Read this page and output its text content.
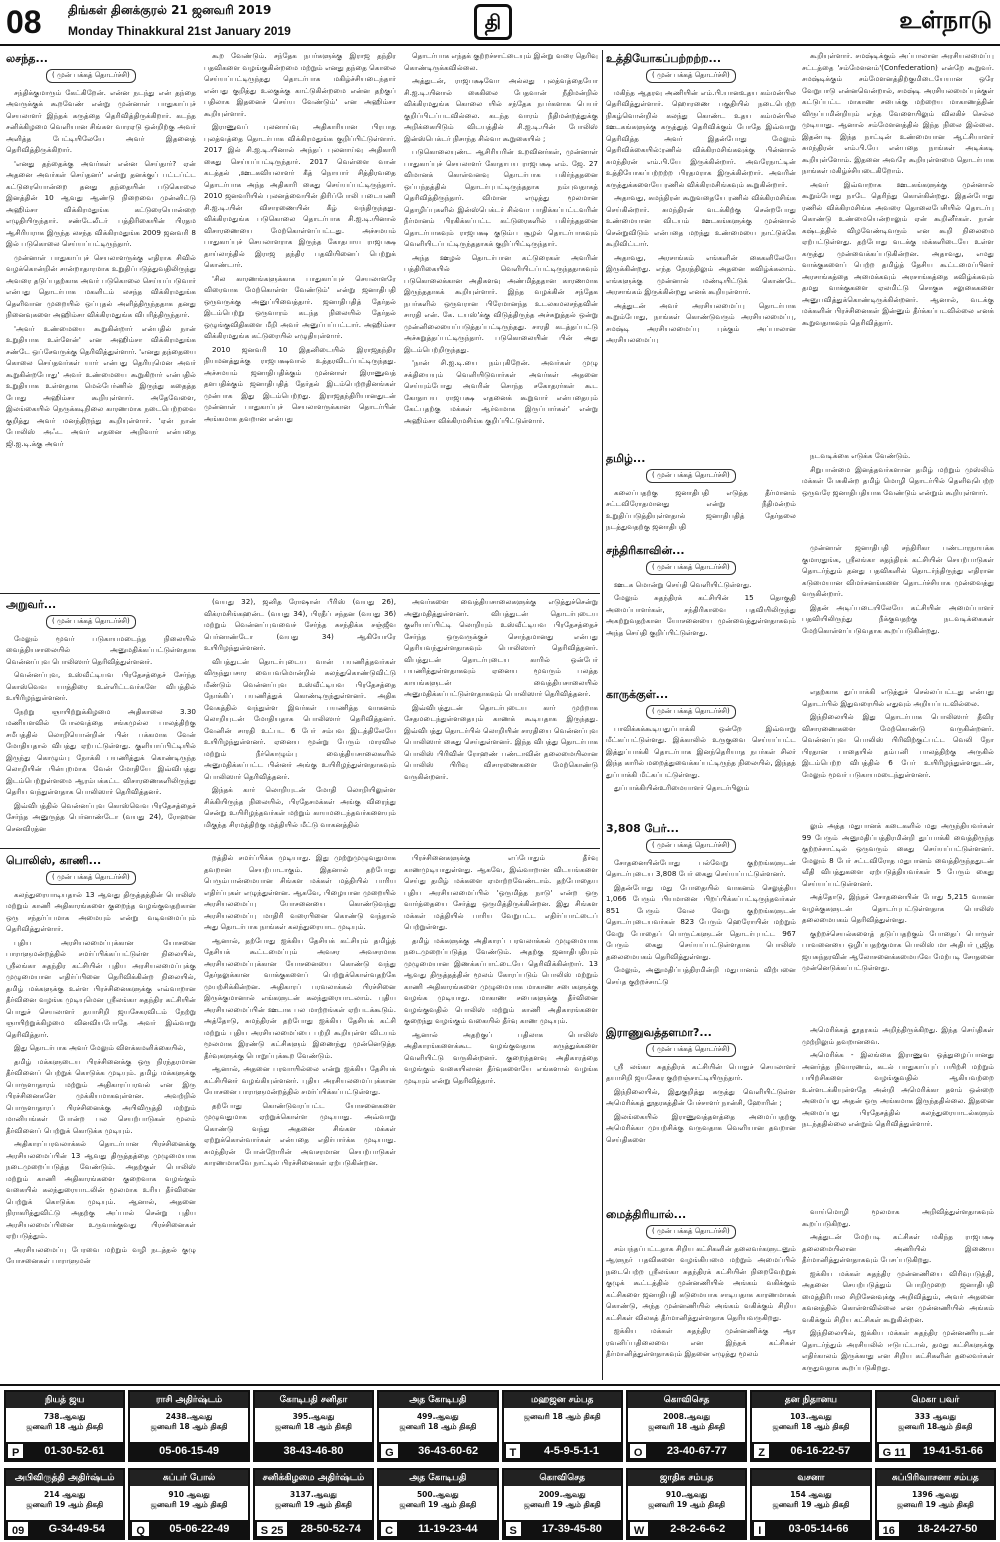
08 திங்கள் தினக்குரல் 21 ஜனவரி 2019
Monday Thinakkural 21st January 2019	தி	உள்நாடு
லசந்த...
( முன் பக்கத் தொடர்ச்சி)

சந்திக்குமாரும் கேட்கிறேன். என்ன நடந்து என் தந்தை அவருக்குக் கூறவேண் என்று முன்னாள் பாதுகாப்புச் செயலாளர் இந்தக் கருத்தை தெரிவித்திருக்கிறார். கடந்த சனிக்கிழமை வெளியான சிங்கள வாரஏடு ஒன்றிற்கு அவர் அளித்த பேட்டியிலேயே அவர் இதனைத் தெரிவித்திருக்கிறார்.

'எனது தந்தைக்கு அவர்கள் என்ன செய்தார்? ஏன் அதனை அவர்கள் செய்தனர்' என்று தனக்குப் பட்டப்ட்ட கட்டுரையொன்றை தனது தந்தையின் படுகொலை இனத்தின் 10 ஆவது ஆண்டு நிறைவை முன்னிட்டு அஹிம்சா விக்கிரமதுங்க கட்டுரையொன்றை எழுதியிருந்தார். சண்டேலீடர் பத்திரிகையின் பிரதம ஆசிரியராக இருந்த லசந்த விக்கிரமதுங்க 2009 ஜனவரி 8 இல் படுகொலை செய்யப்பட்டிருந்தார்.

முன்னாள் பாதுகாப்புச் செயலாளருக்கு எதிராக சிவில் வழக்கொன்றின் சான்றாதாரமாக உறுதிப்படுத்துவதிலிருந்து அவரை தடுப்பதற்காக அவர் படுகொலை செய்யப்படுவார் என்பது தொடர்பாக மகளிடம் லசந்த விக்கிரமதுங்க தெளிவான முறையில் ஒப்புதல் அளித்திருந்ததாக தனது நினைவுகளை அஹிம்சா விக்கிரமதுங்க விபரித்திருந்தார்.

'அவர் உண்மையை கூறுகின்றார் என்பதில் நான் உறுதியாக உள்ளேன்' என அஹிம்சா விக்கிரமதுங்க சண்டே ஒப்சேவருக்கு தெரிவித்துள்ளார். 'எனது தந்தையை கொலை செய்தவர்கள் யார் என்பது தெரியுமென அவர் கூறுகின்றபோது' அவர் உண்மையை கூறுகிறார் என்பதில் உறுதியாக உள்ளதாக மெல்பேர்ணில் இருந்து கதைத்த போது அஹிம்சா கூறியுள்ளார். அதேவேளை, இலங்கையில் நெருக்கடிநிலை காரணமாக நடைபெற்றவை குறித்து அவர் மனந்திறந்து கூறியுள்ளார். 'ஏன் நான் போலிஸ் அஃட அவர் எதனை அறிவார் என்பதை ஜி.ஐ.டி.க்கு அவர்

கூற வேண்டும். சந்தேக நபர்களுக்கு இராஜ தந்திர பதவிகளை வழங்குகின்றமை மற்றும் எனது தந்தை கொலை செய்யப்பட்டிருந்தது தொடர்பாக மகிழ்ச்சியடைந்தார் என்பது குறித்து உலகுக்கு காட்டுகின்றமை என்ன தற்குப் பதிலாக இதனைச் செய்ய வேண்டும்' என அஹிம்சா கூறியுள்ளார்.

இராணுவப் புலனாய்வு அதிகாரியான பிரபாத புலத்வத்தை தொடர்பாக விக்கிரமதுங்க குறிப்பிட்டுள்ளார். 2017 இல் சி.ஐ.டி.யினால் அந்தப் புலனாய்வு அதிகாரி கைது செய்யப்பட்டிருந்தார். 2017 வெள்ளை வான் கடத்தல் ,ஊடகவியலாளர் கீத் நொயார் சித்திரவதை தொடர்பாக அந்த அதிகாரி கைது செய்யப்பட்டிருந்தார். 2010 ஜனவரியில் புலனத்வையின் திரிப்போலி படையணி சி.ஐ.டி.யின் விசாரணையின் கீழ் வந்திருந்தது. விக்கிரமதுங்க படுகொலை தொடர்பாக சி.ஐ.டி.யினால் விசாரணையை மேற்கொள்ளப்பட்டது. அச்சமயம் பாதுகாப்புச் செயலாளராக இருந்த கோதபாய ராஜபக்ஷ தாய்லாந்தில் இராஜ தந்திர பதவியினைப் பெற்றுக் கொண்டார்.

'சில காரணங்களுக்காக பாதுகாப்புச் செயலாளரே விரைவாக மேற்கொள்ள வேண்டும்' என்று ஜனாதிபதி ஒருவருக்கு அனுப்பிவைத்தார். ஜனாதிபதித் தேர்தல் இடம்பெற்று ஒருவாரம் கடந்த நிலையில் தேர்தல் ஒழுங்குவிதிகளை மீறி அவர் அனுப்பப்பட்டார். அஹிம்சா விக்கிரமதுங்க கட்டுரையில் எழுதியுள்ளார்.

2010 ஜனவரி 10 இதனிடையில் இராஜதந்திர நியமனத்துக்கு ராஜபக்ஷவால் உத்தரவிடப்பட்டிருந்தது. அச்சமயம் ஜனாதிபதிக்கும் முன்னாள் இராணுவத் தளபதிக்கும் ஜனாதிபதித் தேர்தல் இடம்பெற்றதினங்கள் முன்பாக இது இடம்பெற்றது. இராஜதந்திரியானதுடன் முன்னாள் பாதுகாப்புச் செயலாளருக்கான தொடர்பின் அங்கமாக தவறான என்பது

தொடர்பாக எந்தக் குற்றச்சாட்டையும் இன்று வரை தெரிவு கொண்டிருக்கவில்லை.

அத்துடன், ராஜபக்ஷவோ அல்லது புலத்வத்தையோ சி.ஐ.டி.யினால் கைகிலை பேதவான் நீதிமன்றில் விக்கிரமதுங்க கொலை யில் சந்தேக நபர்களாக பெயர் குறிப்பிடப்படவில்லை. கடந்த வாரம் நீதிமன்றத்துக்கு அறிக்கையிடும் விடயத்தில் சி.ஐ.டி.யின் போலிஸ் இன்ஸ்பெக்டர் நிசாந்த சில்வா கூறுகையில் ;

படுகொலையுண்ட ஆசிரியரின் உறவினர்கள், முன்னாள் பாதுகாப்புச் செயலாளர் கோதாபய ராஜபக்ஷ எம். ஜே. 27 விமானக் கொள்வனவு தொடர்பாக பகிர்ந்ததனை ஒப்பந்தத்தில் தொடர்புபட்டிருந்ததாக நம்புவதாகத் தெரிவித்திருந்தார். விமான எழுத்து மூலமான தொழிப்புகளில் இன்ஸ்பெக்டர் சில்வா பாதிக்கப்பட்டவரின் நீர்மானம் பிரகிக்கப்பட்ட கட்டுரைகளில் பகிர்ந்ததனை தொடர்பாகவும் ராஜபக்ஷ குடும்ப சூழல் தொடர்பாகவும் வெளியிடப்பட்டிருந்ததாகக் குறிப்பிட்டிருந்தார்.

அந்த ஊழல் தொடர்பான கட்டுரைகள் அவரின் பத்திரிகையில் வெளியிடப்பட்டிருந்ததாகவும் படுகொலைக்கான அதிகளவு அண்மித்ததான காரணமாக இருந்ததாகக் கூறியுள்ளார். இந்த வழக்கின் சந்தேக நபர்களில் ஒருவரான பிரேமானந்த உடலகமலசந்தவின் சாரதி என். கே. டயஸ்'க்கு விடுத்திருந்த அச்சுறுத்தல் ஒன்று முன்னிலையைப்படுத்தப்பட்டிருந்தது. சாரதி கடத்தப்பட்டு அச்சுறுத்தப்பட்டிருந்தார். படுகொலையின் பின் அது இடம்பெற்றிருந்தது.

'நான் சி.ஐ.டி.யை நம்புகிறேன். அவர்கள் முழு சக்தியையும் வெளியிடுவார்கள் அவர்கள் அதனை செய்யும்போது அவரின் சொந்த சகோதரர்கள் கூட கோதாபய ராஜபக்ஷ எதனைக் கூறுவார் என்பதையும் கேட்பதற்கு மக்கள் ஆர்வமாக இருப்பார்கள்' என்று அஹிம்சா விக்கிரமசிங்க குறிப்பிட்டுள்ளார்.

அறுவர்...
( முன் பக்கத் தொடர்ச்சி)

மேலும் மூவர் படுகாயமடைந்த நிலையில் வைத்தியசாலையில் அனுமதிக்கப்பட்டுள்ளதாக வென்னப்புவ பொலிஸார் தெரிவித்துள்ளனர்.

வென்னப்புவ, உஸ்வீட்டியவ பிரதேசத்தைச் சேர்ந்த கொஸ்வெவ யாத்திரை உள்ளிட்டவர்களே விபத்தில் உயிரிழந்துள்ளனர்.

நேற்று ஞாயிற்றுக்கிழமை அதிகாலை 3.30 மணியளவில் போலவத்தை சங்கமுல்ல பாலத்திற்கு சமீபத்தில் லொறியொன்றின் பின் பக்கமாக வேன் மோதியதால் விபத்து ஏற்பட்டுள்ளது. குளியாப்பிட்டியில் இருந்து கொழும்பு நோக்கி பயணித்துக் கொண்டிருந்த லொறியின் பின்புறமாக வேன் மோதியே இவ்விபத்து இடம்பெற்றுள்ளமை ஆரம்பக்கட்ட விசாரணைகளிலிருந்து தெரிய வந்துள்ளதாக பொலிஸார் தெரிவித்தனர்.

இவ்விபத்தில் வென்னப்புவ கொஸ்வெவ பிரதேசத்தைச் சேர்ந்த அனுருத்த பெர்னாண்டோ (வயது 24), ரோஹன செனவிரத்ன

(வயது 32), ஜனித ரோஷான் பீரிஸ் (வயது 26), விக்ரமசிங்கஹன்ட (வயது 34), பிரதீப் சந்தன (வயது 36) மற்றும் வென்னப்புவவைச் சேர்ந்த சுசந்திக்க சஞ்ஜீவ பெர்னாண்டோ (வயது 34) ஆகியோரே உயிரிழந்துள்ளனர்.

விபத்துடன் தொடர்புடைய வான் பயணித்தவர்கள் விருந்துபசார வைபவமொன்றில் கலந்துகொண்டுவிட்டு மீண்டும் வென்னப்புவ உஸ்வீட்டியவ பிரதேசத்தை நோக்கிப் பயணித்துக் கொண்டிருந்துள்ளனர். அதிக வேகத்தில் வந்துள்ள இவர்கள் பயணித்த வாகனம் லொறியுடன் மோதியதாக பொலிஸார் தெரிவித்தனர். வேனின் சாரதி உட்பட 6 பேர் சம்பவ இடத்திலேயே உயிரிழந்துள்ளனர். ஏனைய மூன்று பேரும் மாரவில மற்றும் நீர்கொழும்பு வைத்தியசாலைகளில் அனுமதிக்கப்பட்ட பின்னர் அங்கு உயிரிழந்துள்ளதாகவும் பொலிஸார் தெரிவித்தனர்.

இந்தக் கார் லொறியுடன் மோதி லொறியிலுள்ள சிக்கியிருந்த நிலையில், பிரதேசமக்கள் அங்கு விரைந்து சென்று உயிரிழந்தவர்கள் மற்றும் காயமடைந்தவர்களையும் மிகுந்த சிரமத்திற்கு மத்தியில் மீட்டு வாகனத்தில்

அவர்களை வைத்தியசாலைகளுக்கு எடுத்துச்சென்று அனுமதித்துள்ளனர். விபத்துடன் தொடர்புடைய குளியாப்பிட்டி லொறியும் உஸ்வீட்டியவ பிரதேசத்தைச் சேர்ந்த ஒருவருக்குச் சொந்தமானது என்பது தெரியவந்துள்ளதாகவும் பொலிஸார் தெரிவித்தனர். விபத்துடன் தொடர்புடைய காரில் ஒன்பேர் பயணித்துள்ளதாகவும் ஏனைய மூவரும் பலத்த காயங்களுடன் வைத்தியசாலையில் அனுமதிக்கப்பட்டுள்ளதாகவும் பொலிஸார் தெரிவித்தனர்.

இவ்விபத்துடன் தொடர்புடைய கார் முற்றாக சேதமடைந்துள்ளதையும் காணக் கூடியதாக இருந்தது. இவ்விபத்து தொடர்பில் லொறியின் சாரதியை வென்னப்புவ பொலிஸார் கைது செய்துள்ளனர். இந்த விபத்து தொடர்பாக பொலிஸ் பிரிவின் ரோஹண் பண்டாவின் தலைமையிலான பொலிஸ் பிரிவு விசாரணைகளை மேற்கொண்டு வருகின்றனர்.

பொலிஸ், காணி...
( முன் பக்கத் தொடர்ச்சி)

கலந்துரையாடியதால் 13 ஆவது திருத்தத்தின் பொலிஸ் மற்றும் காணி அதிகாரங்களை குறைந்த வழங்குவதற்கான ஒரு சந்தர்ப்பமாக அமையும் என்று வடிவமைப்பும் தெரிவித்துள்ளார்.

புதிய அரசியலமைப்புக்கான யோசனை பாராளுமன்றத்தில் சமர்ப்பிக்கப்பட்டுள்ள நிலையில், ஸ்ரீலங்கா சுதந்திர கட்சியின் புதிய அரசியலமைப்புக்கு முழுமையான எதிர்ப்பினை தெரிவிக்கின்ற நிலையில், தமிழ் மக்களுக்கு உள்ள பிரச்சினைகளுக்கு எவ்வாறான தீர்வினை வழங்க முடியுமென ஸ்ரீலங்கா சுதந்திர கட்சியின் பொதுச் செயலாளர் தயாசிறி ஜயசேகரவிடம் நேற்று ஞாயிற்றுக்கிழமை வினவியபோதே அவர் இவ்வாறு தெரிவித்தார்.

இது தொடர்பாக அவர் மேலும் விளக்கமளிக்கையில்,

தமிழ் மக்களுடைய பிரச்சினைக்கு ஒரு நிரந்தரமான தீர்வினைப் பெற்றுக் கொடுக்க முடியும். தமிழ் மக்களுக்கு பொருளாதாரம் மற்றும் அதிகாரப்பரவல் என இரு பிரச்சினைகளே முக்கியமாகவுள்ளன. அவற்றில் பொருளாதாரப் பிரச்சினைக்கு அபிவிருத்தி மற்றும் மானியங்கள் போன்ற பல செயற்பாடுகள் மூலம் தீர்வினைப் பெற்றுக் கொடுக்க முடியும்.

அதிகாரப்பரவலாக்கல் தொடர்பான பிரச்சினைக்கு அரசியலமைப்பின் 13 ஆவது திருத்தத்தை முழுமையாக நடைமுறைப்படுத்த வேண்டும். அதற்குள் பொலிஸ் மற்றும் காணி அதிகாரங்களை குறைவாக வழங்கும் வகையில் கலந்துரையாடலின் மூலமாக உரிய தீர்வினை பெற்றுக் கொடுக்க முடியும். ஆனால், அதனை நிராகரித்துவிட்டு அதற்கு அப்பால் சென்று புதிய அரசியலமைப்பினை உருவாக்குவது பிரச்சினைகள் ஏற்படுத்தும்.

அரசியலமைப்பு பேரவை மற்றும் வழி நடத்தல் குழு யோசனைகள் பாராளுமன்

றத்தில் சமர்ப்பிக்க முடியாது. இது முற்றுமுழுவதுமாக தவறான செயற்பாடாகும். இதனால் தற்போது பெரும்பான்மையான சிங்கள மக்கள் மத்தியில் பாரிய எதிர்ப்புகள் எழுந்துள்ளன. ஆகவே, பிழையான முறையில் அரசியலமைப்பு யோசனையை கொண்டுவந்து அரசியலமைப்பு மாதிரி வரைபினை கொண்டு வந்தால் அது தொடர்பாக நாங்கள் கலந்துரையாட முடியும்.

ஆனால், தற்போது ஐக்கிய தேசியக் கட்சியும் தமிழ்த் தேசியக் கூட்டமைப்பும் அவசர அவசரமாக அரசியலமைப்புக்கான யோசனையை கொண்டு வந்து தேர்தலுக்கான வாக்குகளைப் பெற்றுக்கொள்வதற்கே முயற்சிக்கின்றன. அதிகாரப் பரவலாக்கல் பிரச்சினை இருக்குமானால் எங்களுடன் கலந்துரையாடலாம். புதிய அரசியலமைப்பின் ஊடாக பல மாற்றங்கள் ஏற்படக்கூடும். அத்தோடு, சுமந்திரன் தற்போது ஐக்கிய தேசியக் கட்சி மற்றும் புதிய அரசியலமைப்பை பற்றி கூறியுள்ள விடயம் மூலமாக இரண்டு கட்சிகளும் இணைந்து முன்னெடுத்த தீர்வுகளுக்கு பொறுப்புக்கூற வேண்டும்.

ஆனால், அதனை பரவாயில்லை என்று ஐக்கிய தேசியக் கட்சியினர் வழங்கியுள்ளனர். புதிய அரசியலமைப்புக்கான யோசனை பாராளுமன்றத்தில் சமர்ப்பிக்கப்பட்டுள்ளது.

தற்போது கொண்டுவரப்பட்ட யோசனைகளை முழுவதுமாக ஏற்றுக்கொள்ள முடியாது. அவ்வாறு கொண்டு வந்து அதனை சிங்கள மக்கள் ஏற்றுக்கொள்வார்கள் என்பதை எதிர்பார்க்க முடியாது. சுமந்திரன் போன்றோரின் அவசரமான செயற்பாடுகள் காரணமாகவே நாட்டில் பிரச்சினைகள் ஏற்படுகின்றன.

பிரச்சினைகளுக்கு எப்போதும் தீர்வு காணமுடியாதுள்ளது. ஆகவே, இவ்வாறான விடயங்களை செய்து தமிழ் மக்களை ஏமாற்றவேண்டாம். தற்போதைய புதிய அரசியலமைப்பில் 'ஒருமித்த நாடு' என்ற ஒரு வார்த்தையை சேர்த்து ஒருமித்திருக்கின்றன. இது சிங்கள மக்கள் மத்தியில் பாரிய வேறுபட்ட எதிர்ப்பாட்டைப் பெற்றுள்ளது.

தமிழ் மக்களுக்கு அதிகாரப் பரவலாக்கல் முழுமையாக நடைமுறைப்படுத்த வேண்டும். அதற்கு ஜனாதிபதியும் முழுமையான இணக்கப்பாட்டையே தெரிவிக்கின்றார். 13 ஆவது திருத்தத்தின் மூலம் கோரப்படும் பொலிஸ் மற்றும் காணி அதிகாரங்களை முழுமையாக மாகாண சபைகளுக்கு வழங்க முடியாது. மாகாண சபைகளுக்கு தீர்வினை வழங்குவதில் பொலிஸ் மற்றும் காணி அதிகாரங்களை குறைந்து வழங்கும் வகையில் தீர்வு காண முடியும்.

ஆனால் அதற்குப் பதிலாக பொலிஸ் அதிகாரங்களைக்கூட வழங்குவதாக கருத்துக்களை வெளியிட்டு வருகின்றனர். குறைந்தளவு அதிகாரத்தை வழங்கும் வகையிலான தீர்வுகளையே எங்களால் வழங்க முடியும் என்று தெரிவித்தார்.

உத்தியோகப்பற்றற்ற...
( முன் பக்கத் தொடர்ச்சி)

மகிந்த ஆதரவு அணியின் எம்.பி.யானஉதய கம்மன்பில தெரிவித்துள்ளார். ஹொரணை பகுதியில் நடைபெற்ற நிகழ்வொன்றில் கலந்து கொண்ட உதய கம்மன்பில ஊடகங்களுக்கு கருத்துத் தெரிவிக்கும் போதே இவ்வாறு தெரிவித்த அவர் இதன்போது மேலும் தெரிவிக்கையில்:ரணில் விக்கிரமசிங்கவுக்கு பின்னால் சுமந்திரன் எம்.பி.யே இருக்கின்றார். அவரேநாட்டின் உத்தியோகப்பற்றற்ற பிரதமராக இருக்கின்றார். அவரின் கருத்துக்களையே ரணில் விக்கிரமசிங்கவும் கூறுகின்றார்.

அதாவது, சுமந்திரன் கூறுவதையே ரணில் விக்கிரமசிங்க செய்கின்றார். சுமந்திரன் வடக்கிற்கு சென்றபோது உண்மையான விடயம் ஊடகங்களுக்கு முன்னால் சென்றுவிடும் என்பதை மறந்து உண்மையை நாட்டுக்கே கூறிவிட்டார்.

அதாவது, அரசாங்கம் எங்களின் கைகளிலேயே இருக்கின்றது. எந்த நேரத்திலும் அதனை கவிழ்க்கலாம். எங்களுக்கு முன்னால் மண்டியிட்டுக் கொண்டே அரசாங்கம் இருக்கின்றது எனக் கூறியுள்ளார்.

அத்துடன் அவர் அரசியலமைப்பு தொடர்பாக கூறும்போது, நாங்கள் கொண்டுவரும் அரசியலமைப்பு, சமஷ்டி அரசியலமைப்பு புக்கும் அப்பாலான அரசியலமைப்பு

கூறியுள்ளார். சமஷ்டிக்கும் அப்பாலான அரசியலமைப்பு சட்டத்தை 'சம்மேளனம்'(Confederation) என்றே கூறுவர். சமஷ்டிக்கும் சம்மேளனத்திற்குமிடையேயான ஒரே வேறுபாடு என்னவென்றால், சமஷ்டி அரசியலமைப்புக்குள் கட்டுப்பட்ட மாகாண சபைக்கு மற்றைய மாகாணத்தின் விருப்பமின்றியும் எந்த வேளையிலும் விலகிச் செல்ல முடியாது. ஆனால் சம்மேளனத்தில் இந்த நிலை இல்லை. இதன்படி இந்த நாட்டின் உண்மையான ஆட்சியாளர் சுமந்திரன் எம்.பி.யே என்பதை நாங்கள் அடிக்கடி கூறியுள்ளோம். இதனை அவரே கூறியுள்ளமை தொடர்பாக நாங்கள் மகிழ்ச்சியடைகிறோம்.

அவர் இவ்வாறாக ஊடகங்களுக்கு முன்னால் கூறும்போது நாடே தெரிந்து கொள்கின்றது. இதன்போது ரணில் விக்கிரமசிங்க அவரை தொலைபேசியில் தொடர்பு கொண்டு உண்மையென்றாலும் ஏன் கூறினீர்கள். நான் கஷ்டத்தில் விழவேண்டிவரும் என கூறி நிலைமை ஏற்பட்டுள்ளது. தற்போது வடக்கு மக்களிடையே உள்ள கருத்து முன்வைக்கப்படுகின்றன. அதாவது, எமது வாக்குகளைப் பெற்ற தமிழ்த் தேசிய கூட்டமைப்பினர் அரசாங்கத்தை அமைக்கவும் அரசாங்கத்தை கவிழ்க்கவும் தமது வாக்குகளை ஏலமிட்டு சொகுசு சலுகைகளை அனுபவித்துக்கொண்டிருக்கின்றனர். ஆனால், வடக்கு மக்களின் பிரச்சினைகள் இன்னும் தீர்க்கப்படவில்லை எனக் கூறுவதாகவும் தெரிவித்தார்.

தமிழ்...
( முன் பக்கத் தொடர்ச்சி)

கலைப்பதற்கு ஜனாதிபதி எடுத்த தீர்மானம் சட்டவிரோதமானது என்று நீதிமன்றம் உறுதிப்படுத்தியுள்ளதால் ஜனாதிபதித் தேர்தலை நடத்துவதற்கு ஜனாதிபதி

நடவடிக்கை எடுக்க வேண்டும்.

சிறுபான்மை இனத்தவர்களான தமிழ் மற்றும் முஸ்லிம் மக்கள் பேசுகின்ற தமிழ் மொழி தொடர்பில் தெளிவுபெற்ற ஒருவரே ஜனாதிபதியாக வேண்டும் என்றும் கூறியுள்ளார்.

சந்திரிகாவின்...
( முன் பக்கத் தொடர்ச்சி)

ஊடக மொன்று செய்தி வெளியிட்டுள்ளது.

மேலும் சுதந்திரக் கட்சியின் 15 தொகுதி அமைப்பாளர்கள், சந்திரிகாவை பதவியிலிருந்து அகற்றுவதற்கான யோசனையை முன்வைத்துள்ளதாகவும் அந்த செய்தி குறிப்பிட்டுள்ளது.

முன்னாள் ஜனாதிபதி சந்திரிகா பண்டாரநாயக்க குமாரதுங்க, ஸ்ரீலங்கா சுதந்திரக் கட்சியின் செயற்பாடுகள் தொடர்ந்தும் தனது பதவிகளில் தொடர்ந்திருந்து எதிரான கடுமையான விமர்சனங்களை தொடர்ச்சியாக முன்வைத்து வருகின்றார்.

இதன் அடிப்படையிலேயே கட்சியின் அமைப்பாளர் பதவியிலிருந்து நீக்குவதற்கு நடவடிக்கைகள் மேற்கொள்ளப்படுவதாக கூறப்படுகின்றது.

காருக்குள்...
( முன் பக்கத் தொடர்ச்சி)

பாவிக்கக்கூடியதுப்பாக்கி ஒன்றே இவ்வாறு மீட்கப்பட்டுள்ளது. இக்காலில் உருகுவை செய்யப்பட்ட இத்துப்பாக்கி தொடர்பாக இனந்தெரியாத நபர்கள் சிலர் இந்த காரில் மறைத்துவைக்கப்பட்டிருந்த நிலையில், இந்தத் துப்பாக்கி மீட்கப்பட்டுள்ளது.

துப்பாக்கியின்உரிமையாளர் தொடர்பிலும்

எதற்காக துப்பாக்கி எடுத்துச் செல்லப்பட்டது என்பது தொடர்பில் இதுவரையில் எதுவும் அறியப்படவில்லை.

இந்நிலையில் இது தொடர்பாக பொலிஸார் தீவிர விசாரணைகளை மேற்கொண்டு வருகின்றனர். வென்னப்புவ பொலிஸ் பிரிவிற்குட்பட்ட வெலி நோ பிரதான பாதையில் தம்பனி பாலத்திற்கு அருகில் இடம்பெற்ற விபத்தில் 6 பேர் உயிரிழந்துள்ளதுடன், மேலும் மூவர் படுகாயமடைந்துள்ளனர்.

3,808 பேர்...
( முன் பக்கத் தொடர்ச்சி)

சோதனையின்போது பல்வேறு குற்றங்களுடன் தொடர்புடைய 3,808 பேர் கைது செய்யப்பட்டுள்ளனர்.

இதன்போது மது போதையில் வாகனம் செலுத்திய 1,066 பேரும் பியமானை பிறப்பிக்கப்பட்டிருந்தவர்கள் 851 பேரும் வேல வேறு குற்றங்களுடன் தொடர்புடையவர்கள் 823 பேரும் ஹெரோயின் மற்றும் வேறு போதைப் பொருட்களுடன் தொடர்புபட்ட 967 பேரும் கைது செய்யப்பட்டுள்ளதாக பொலிஸ் தலைமையகம் தெரிவித்துள்ளது.

மேலும், அனுமதிப்பத்திரமின்றி மதுபானம் விற்பனை செய்த குற்றச்சாட்டு

லும் அத்த மதுபானக் கடைகளில் மது அருந்தியவர்கள் 99 பேரும் அனுமதிப்பத்திரமின்றி துப்பாக்கி வைத்திருந்த குற்றச்சாட்டில் ஒருவரும் கைது செய்யப்பட்டுள்ளனர். மேலும் 8 பேர் சட்டவிரோத மதுபானம் வைத்திருந்ததுடன் வீதி விபத்துகளை ஏற்படுத்தியவர்கள் 5 பேரும் கைது செய்யப்பட்டுள்ளனர்.

அத்தோடு, இந்தச் சோதனையின் போது 5,215 வாகன வழக்குகளுடன் தொடர்புபட்டுள்ளதாக பொலிஸ் தலைமையகம் தெரிவித்துள்ளது.

குற்றச்செயல்களைத் தடுப்பதற்கும் போதைப் பொருள் பாவனையை ஒழிப்பதற்குமாக பொலிஸ் மா அதிபர் பூஜித ஜயசுந்தரவின் ஆலோசனைக்கமையவே மேற்படி சோதனை முன்னெடுக்கப்பட்டுள்ளது.

இராணுவத்தளமா?...
( முன் பக்கத் தொடர்ச்சி)

ஸ்ரீ லங்கா சுதந்திரக் கட்சியின் பொதுச் செயலாளர் தயாசிறி ஜயசேகர குற்றஞ்சாட்டியிருந்தார்.

இந்நிலையில், இதுகுறித்து கருத்து வெளியிட்டுள்ள அமெரிக்கத் தூதரகத்தின் பேச்சாளர் நான்சி, ஹோரின் ;

இலங்கையில் இராணுவத்தளத்தை அமைப்பதற்கு அமெரிக்கா முயற்சிக்கு வருவதாக வெளியான தவறான செய்திகளை

அமெரிக்கத் தூதரகம் அறிந்திருக்கிறது. இந்த செய்திகள் முற்றிலும் தவறானவை.

அமெரிக்க - இலங்கை இராணுவ ஒத்துழைப்பானது அனர்த்த நிவாரணம், கடல் பாதுகாப்புப் பயிற்சி மற்றும் பயிற்சிகளை வழங்குவதில் ஆகியவற்றை உள்ளடக்கியுள்ளதே அன்றி அமெரிக்கா தளம் ஒன்றை அமைப்பது அதன் ஒரு அங்கமாக இருந்ததில்லை. இதனை அமைப்பது பிரதேசத்தில் கலந்துரையாடல்களும் நடந்ததில்லை என்றும் தெரிவித்துள்ளார்.

மைத்திரியால்...
( முன் பக்கத் தொடர்ச்சி)

சம்பந்தப்பட்டதாக சிறிய கட்சிகளின் தலைவர்களுடனும் ஆளுநர் பதவிகளை வழங்கியமை மற்றும் அமைப்பில் நடைபெற்ற ஸ்ரீலங்கா சுதந்திரக் கட்சியின் நிறைவேற்றுக் குழுக் கூட்டத்தில் முன்னணியில் அங்கம் வகிக்கும் கட்சிகளை ஜனாதிபதி கடுமையாக சாடியதாக காரணமாகக் கொண்டு, அந்த முன்னணியில் அங்கம் வகிக்கும் சிறிய கட்சிகள் விலகத் தீர்மானித்துள்ளதாக தெரியவருகிறது.

ஐக்கிய மக்கள் சுதந்திர முன்னணிக்கு ஆர ரவனிப்பதிலைவை என இந்தக் கட்சிகள் தீர்மானித்துள்ளதாகவும் இதனை எழுத்து மூலம்

வாய்மொழி மூலமாக அறிவித்துள்ளதாகவும் கூறப்படுகிறது.

அத்துடன் மேற்படி கட்சிகள் மகிந்த ராஜபக்ஷ தலைமையிலான அணியில் இணைய தீர்மானித்துள்ளதாகவும் பேசப்படுகிறது.

ஐக்கிய மக்கள் சுதந்திர முன்னணியை விரிவுபடுத்தி, அதனை செயற்படுத்தும் பொறிமுறை ஜனாதிபதி மைத்திரிபால சிறிசேனவுக்கு அறிவித்தும், அவர் அதனை கவனத்தில் கொள்ளவில்லை என முன்னணியில் அங்கம் வகிக்கும் சிறிய கட்சிகள் கூறுகின்றன.

இந்நிலையில், ஐக்கிய மக்கள் சுதந்திர முன்னணியுடன் தொடர்ந்தும் அரசியலில் ஈடுபட்டால், தமது கட்சிகளுக்கு எதிர்காலம் இருக்காது என சிறிய கட்சிகளின் தலைவர்கள் கருதுவதாக கூறப்படுகிறது.

நியத் ஜய
738.ஆவது
ஜனவரி 18 ஆம் திகதி
P	01-30-52-61
ராசி அதிர்ஷ்டம்
2438.ஆவது
ஜனவரி 18 ஆம் திகதி
05-06-15-49
கோடிபதி சனிதா
395.ஆவது
ஜனவரி 18 ஆம் திகதி
38-43-46-80
அத கோடிபதி
499.ஆவது
ஜனவரி 18 ஆம் திகதி
G	36-43-60-62
மஹஜன சம்பத
ஜனவரி 18 ஆம் திகதி
T	4-5-9-5-1-1
கொவிசெத
2008.ஆவது
ஜனவரி 18 ஆம் திகதி
O	23-40-67-77
தன நிதானய
103.ஆவது
ஜனவரி 18 ஆம் திகதி
Z	06-16-22-57
மெகா பவர்
333 ஆவது
ஜனவரி 18ஆம் திகதி
G 11	19-41-51-66
அபிவிருத்தி அதிர்ஷ்டம்
214 ஆவது
ஜனவரி 19 ஆம் திகதி
09	G-34-49-54
சுப்பர் போல்
910 ஆவது
ஜனவரி 19 ஆம் திகதி
Q	05-06-22-49
சனிக்கிழமை அதிர்ஷ்டம்
3137.ஆவது
ஜனவரி 19 ஆம் திகதி
S 25	28-50-52-74
அத கோடிபதி
500.ஆவது
ஜனவரி 19 ஆம் திகதி
C	11-19-23-44
கொவிசெத
2009.ஆவது
ஜனவரி 19 ஆம் திகதி
S	17-39-45-80
ஜாதிக சம்பத
910.ஆவது
ஜனவரி 19 ஆம் திகதி
W	2-8-2-6-6-2
வசனா
154 ஆவது
ஜனவரி 19 ஆம் திகதி
I	03-05-14-66
சுப்பிரிவாசனா சம்பத
1396 ஆவது
ஜனவரி 19 ஆம் திகதி
16	18-24-27-50
